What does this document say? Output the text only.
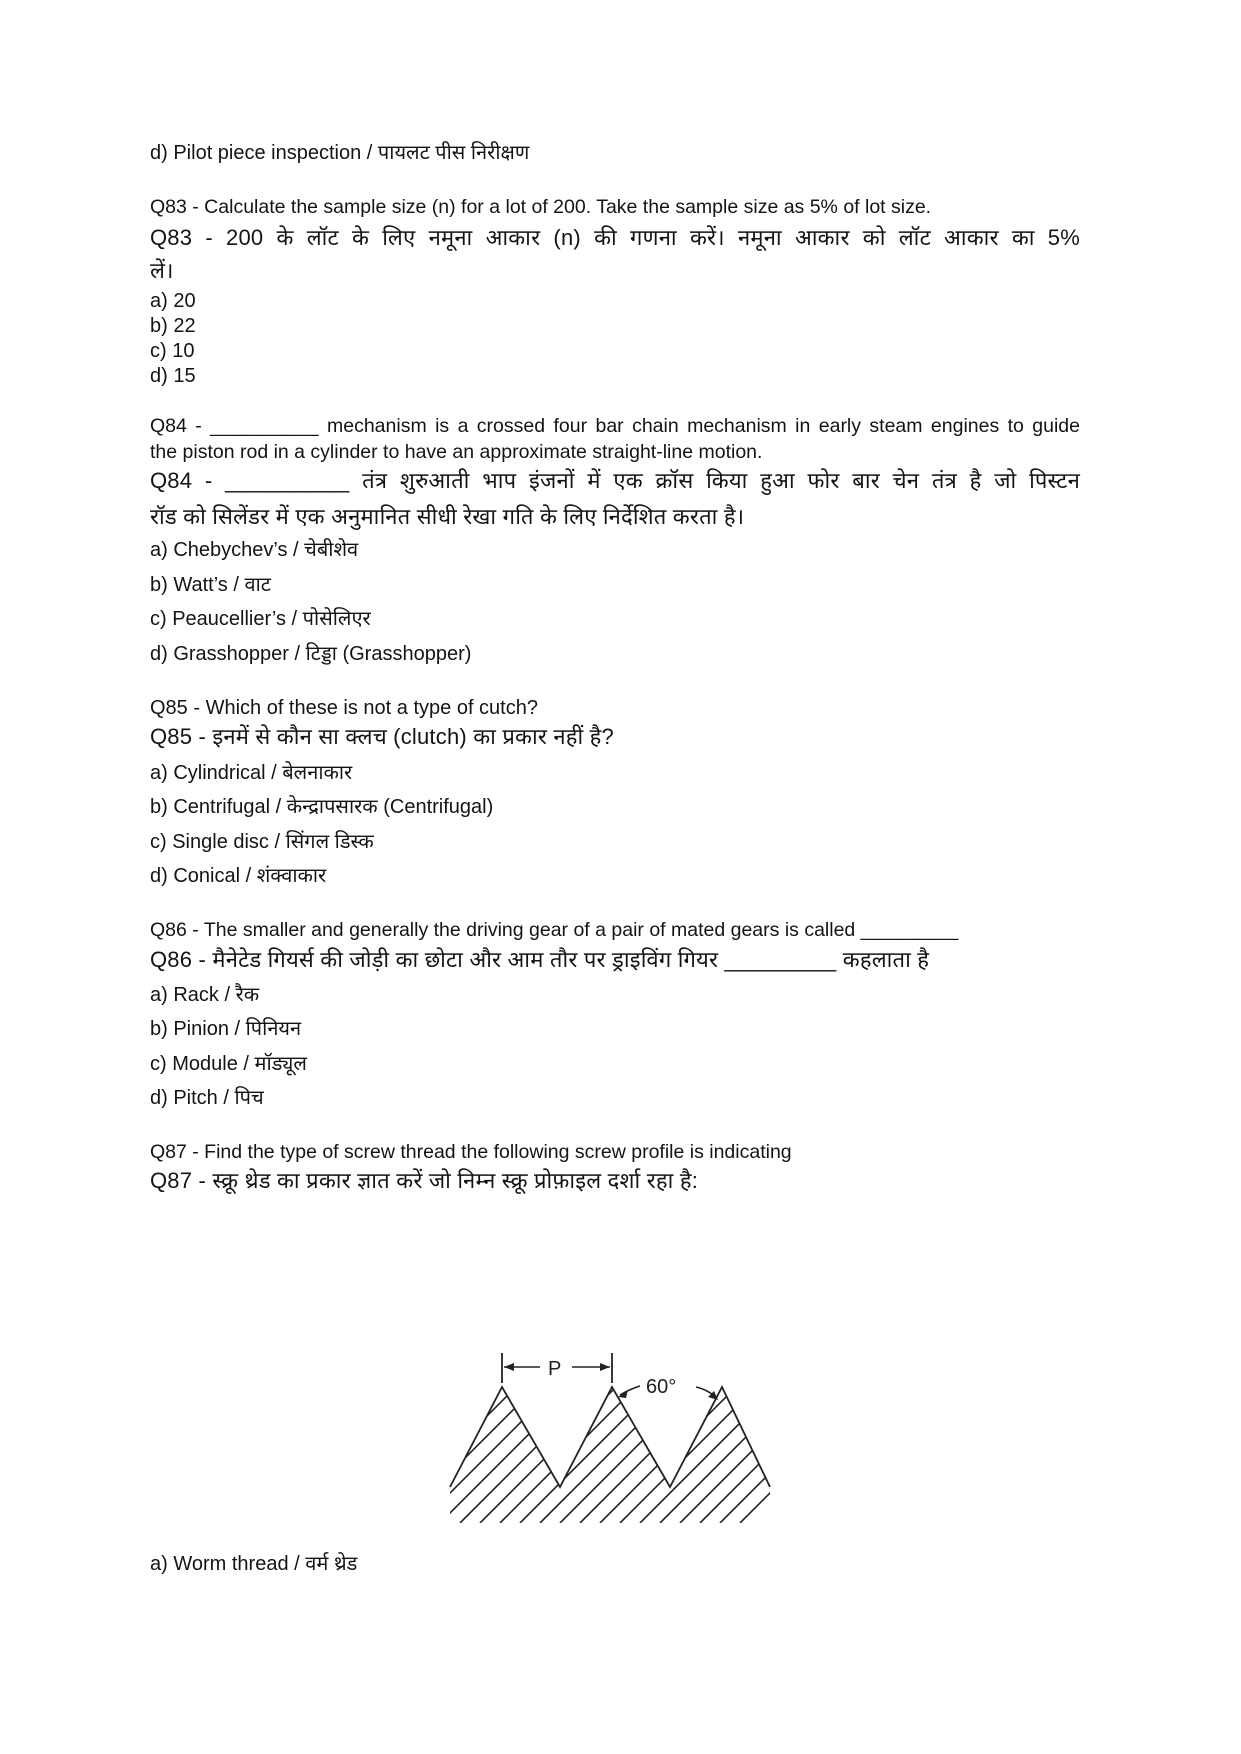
d) Pilot piece inspection / पायलट पीस निरीक्षण
Q83 - Calculate the sample size (n) for a lot of 200. Take the sample size as 5% of lot size.
Q83 - 200 के लॉट के लिए नमूना आकार (n) की गणना करें। नमूना आकार को लॉट आकार का 5%
लें।
a) 20
b) 22
c) 10
d) 15
Q84 - __________ mechanism is a crossed four bar chain mechanism in early steam engines to guide
the piston rod in a cylinder to have an approximate straight-line motion.
Q84 - __________ तंत्र शुरुआती भाप इंजनों में एक क्रॉस किया हुआ फोर बार चेन तंत्र है जो पिस्टन
रॉड को सिलेंडर में एक अनुमानित सीधी रेखा गति के लिए निर्देशित करता है।
a) Chebychev’s / चेबीशेव
b) Watt’s / वाट
c) Peaucellier’s / पोसेलिएर
d) Grasshopper / टिड्डा (Grasshopper)
Q85 - Which of these is not a type of cutch?
Q85 - इनमें से कौन सा क्लच (clutch) का प्रकार नहीं है?
a) Cylindrical / बेलनाकार
b) Centrifugal / केन्द्रापसारक (Centrifugal)
c) Single disc / सिंगल डिस्क
d) Conical / शंक्वाकार
Q86 - The smaller and generally the driving gear of a pair of mated gears is called _________
Q86 - मैनेटेड गियर्स की जोड़ी का छोटा और आम तौर पर ड्राइविंग गियर _________ कहलाता है
a) Rack / रैक
b) Pinion / पिनियन
c) Module / मॉड्यूल
d) Pitch / पिच
Q87 - Find the type of screw thread the following screw profile is indicating
Q87 - स्क्रू थ्रेड का प्रकार ज्ञात करें जो निम्न स्क्रू प्रोफ़ाइल दर्शा रहा है:
P
60°
a) Worm thread / वर्म थ्रेड
